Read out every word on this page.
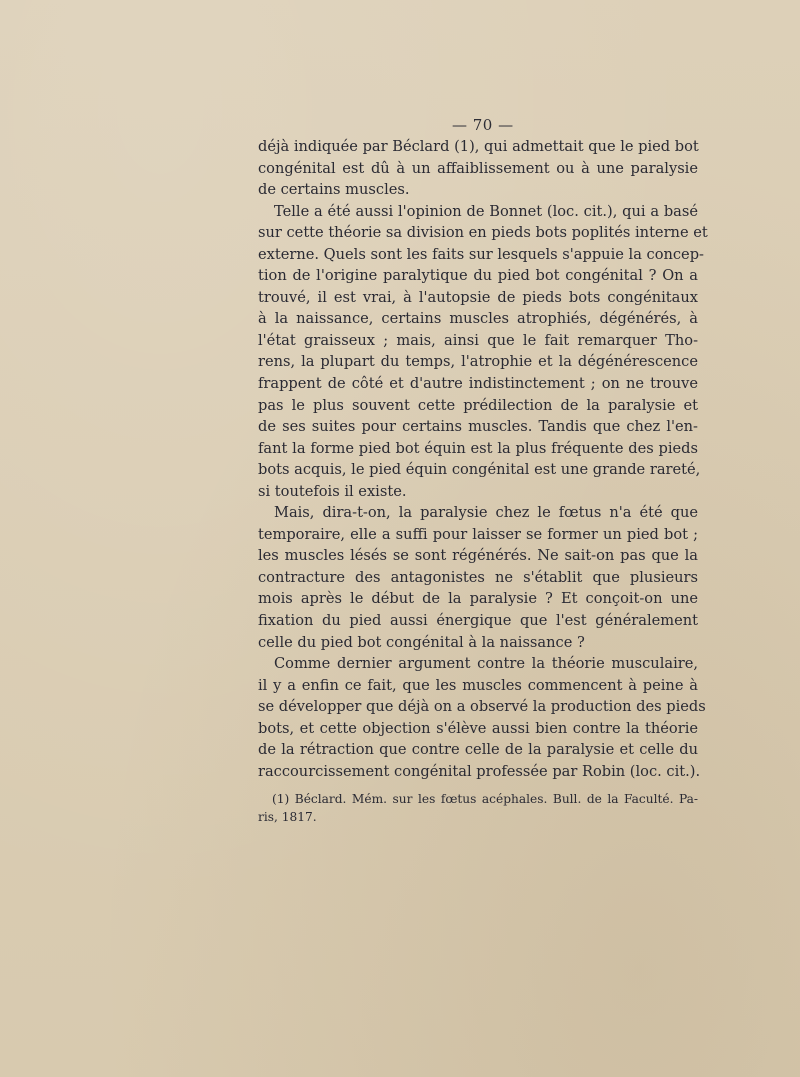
— 70 —
déjà indiquée par Béclard (1), qui admettait que le pied bot
congénital est dû à un affaiblissement ou à une paralysie
de certains muscles.
Telle a été aussi l'opinion de Bonnet (loc. cit.), qui a basé
sur cette théorie sa division en pieds bots poplités interne et
externe. Quels sont les faits sur lesquels s'appuie la concep-
tion de l'origine paralytique du pied bot congénital ? On a
trouvé, il est vrai, à l'autopsie de pieds bots congénitaux
à la naissance, certains muscles atrophiés, dégénérés, à
l'état graisseux ; mais, ainsi que le fait remarquer Tho-
rens, la plupart du temps, l'atrophie et la dégénérescence
frappent de côté et d'autre indistinctement ; on ne trouve
pas le plus souvent cette prédilection de la paralysie et
de ses suites pour certains muscles. Tandis que chez l'en-
fant la forme pied bot équin est la plus fréquente des pieds
bots acquis, le pied équin congénital est une grande rareté,
si toutefois il existe.
Mais, dira-t-on, la paralysie chez le fœtus n'a été que
temporaire, elle a suffi pour laisser se former un pied bot ;
les muscles lésés se sont régénérés. Ne sait-on pas que la
contracture des antagonistes ne s'établit que plusieurs
mois après le début de la paralysie ? Et conçoit-on une
fixation du pied aussi énergique que l'est généralement
celle du pied bot congénital à la naissance ?
Comme dernier argument contre la théorie musculaire,
il y a enfin ce fait, que les muscles commencent à peine à
se développer que déjà on a observé la production des pieds
bots, et cette objection s'élève aussi bien contre la théorie
de la rétraction que contre celle de la paralysie et celle du
raccourcissement congénital professée par Robin (loc. cit.).
(1) Béclard. Mém. sur les fœtus acéphales. Bull. de la Faculté. Pa-
ris, 1817.
